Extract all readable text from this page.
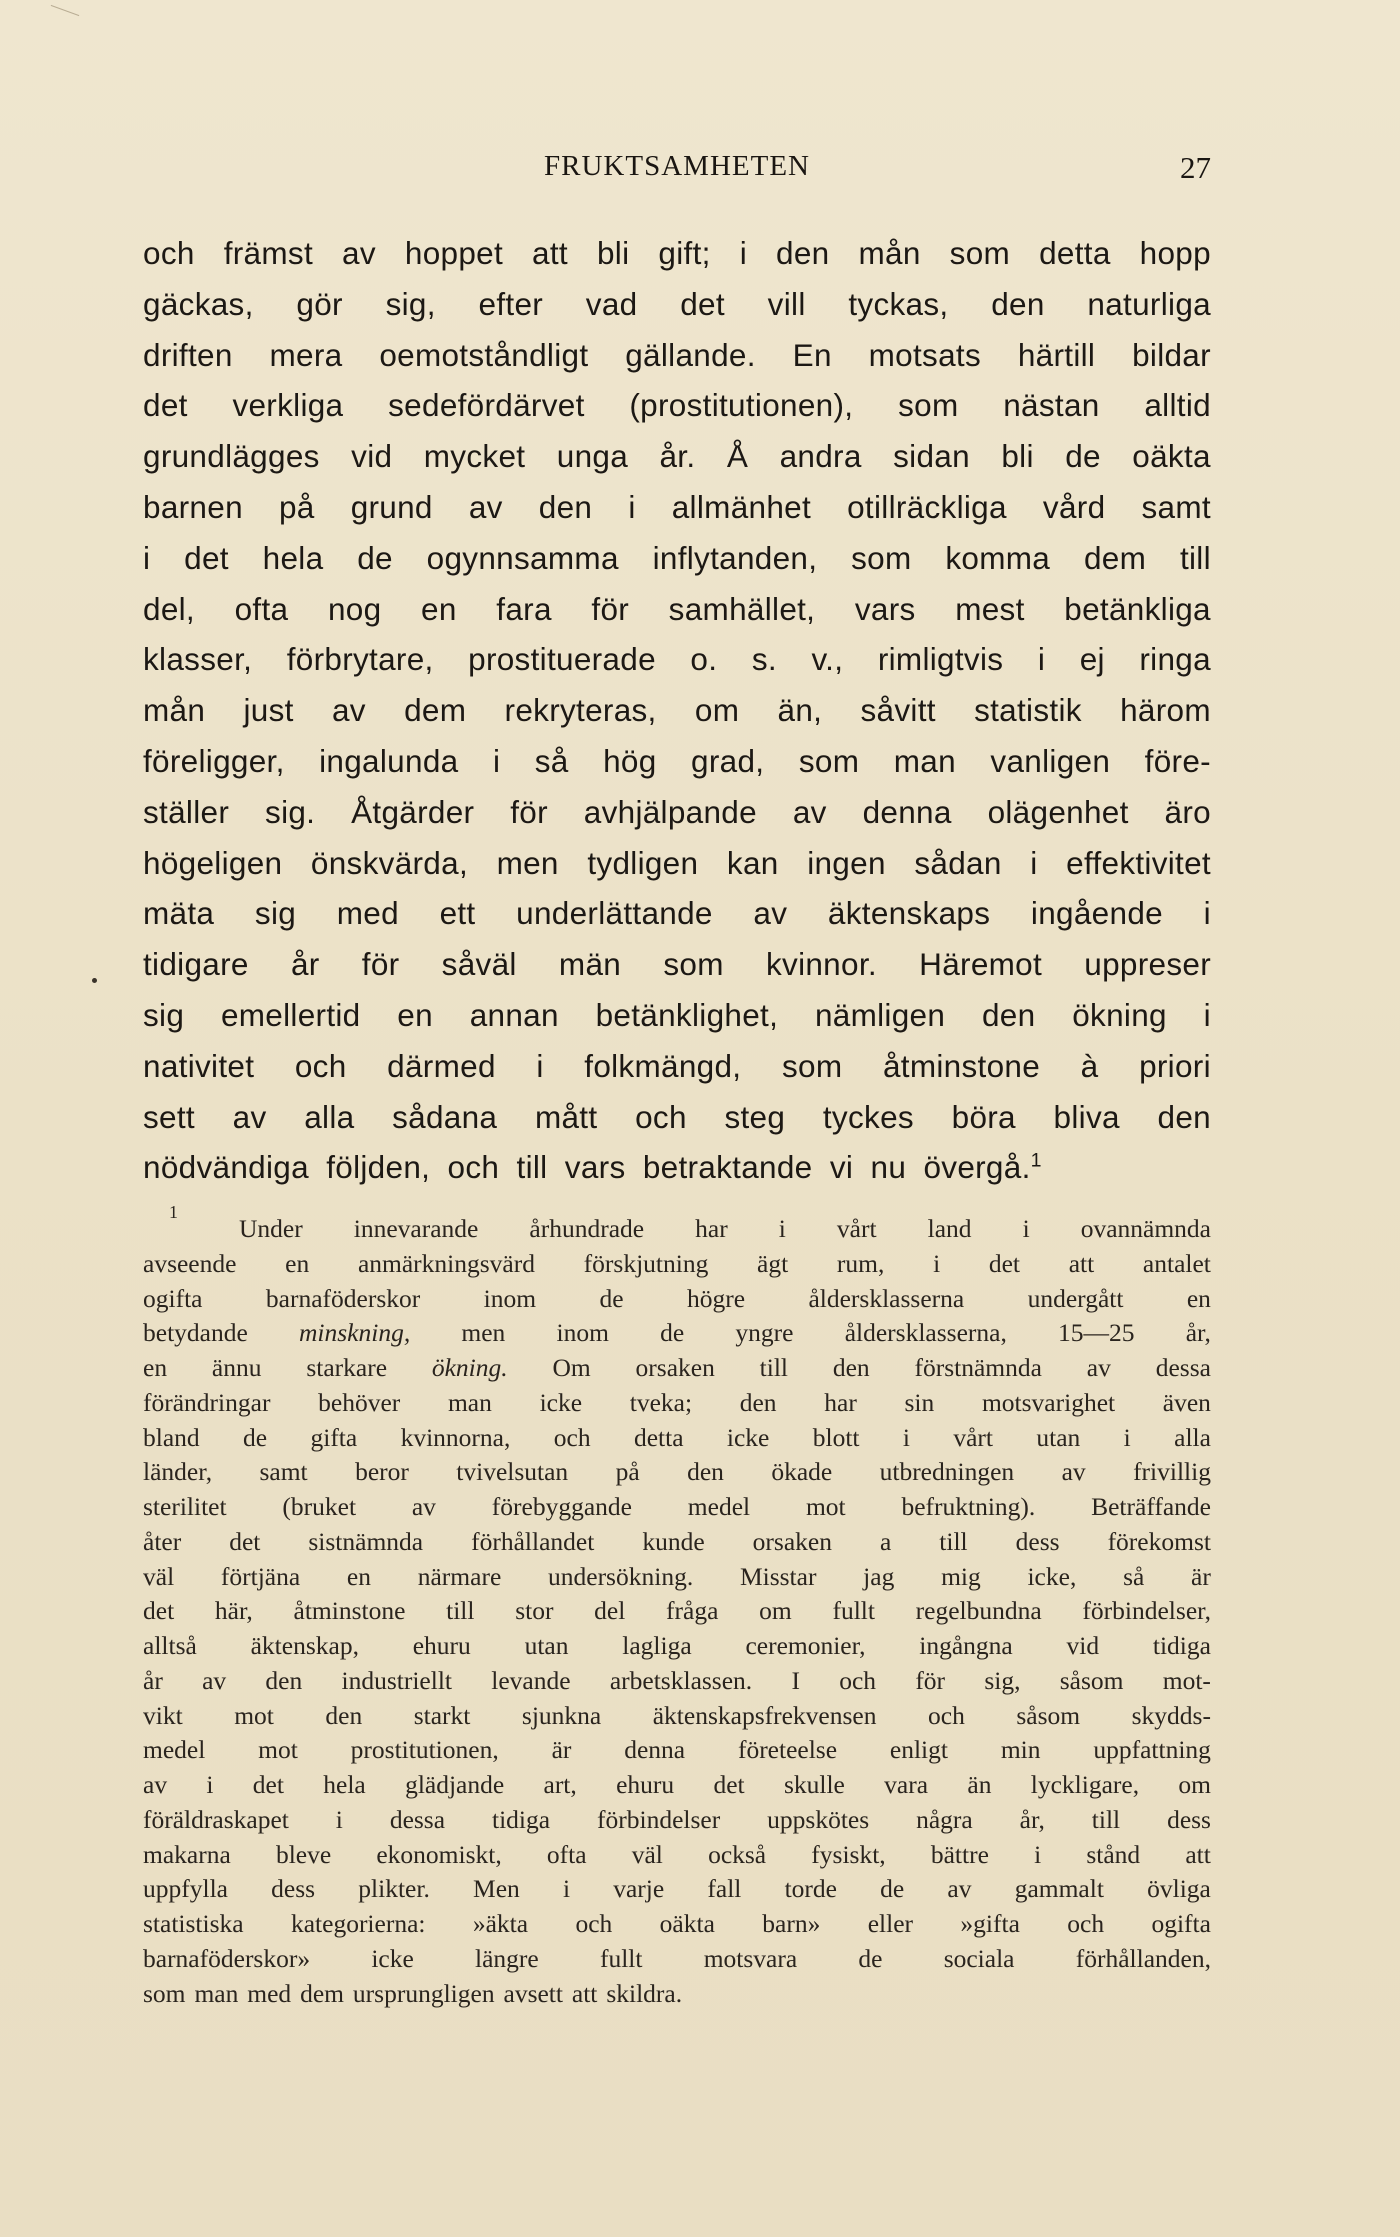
FRUKTSAMHETEN	27
och främst av hoppet att bli gift; i den mån som detta hopp
gäckas, gör sig, efter vad det vill tyckas, den naturliga
driften mera oemotståndligt gällande. En motsats härtill bildar
det verkliga sedefördärvet (prostitutionen), som nästan alltid
grundlägges vid mycket unga år. Å andra sidan bli de oäkta
barnen på grund av den i allmänhet otillräckliga vård samt
i det hela de ogynnsamma inflytanden, som komma dem till
del, ofta nog en fara för samhället, vars mest betänkliga
klasser, förbrytare, prostituerade o. s. v., rimligtvis i ej ringa
mån just av dem rekryteras, om än, såvitt statistik härom
föreligger, ingalunda i så hög grad, som man vanligen före-
ställer sig. Åtgärder för avhjälpande av denna olägenhet äro
högeligen önskvärda, men tydligen kan ingen sådan i effektivitet
mäta sig med ett underlättande av äktenskaps ingående i
tidigare år för såväl män som kvinnor. Häremot uppreser
sig emellertid en annan betänklighet, nämligen den ökning i
nativitet och därmed i folkmängd, som åtminstone à priori
sett av alla sådana mått och steg tyckes böra bliva den
nödvändiga följden, och till vars betraktande vi nu övergå.$^1$
1
Under innevarande århundrade har i vårt land i ovannämnda
avseende en anmärkningsvärd förskjutning ägt rum, i det att antalet
ogifta barnaföderskor inom de högre åldersklasserna undergått en
betydande minskning, men inom de yngre åldersklasserna, 15—25 år,
en ännu starkare ökning. Om orsaken till den förstnämnda av dessa
förändringar behöver man icke tveka; den har sin motsvarighet även
bland de gifta kvinnorna, och detta icke blott i vårt utan i alla
länder, samt beror tvivelsutan på den ökade utbredningen av frivillig
sterilitet (bruket av förebyggande medel mot befruktning). Beträffande
åter det sistnämnda förhållandet kunde orsaken a till dess förekomst
väl förtjäna en närmare undersökning. Misstar jag mig icke, så är
det här, åtminstone till stor del fråga om fullt regelbundna förbindelser,
alltså äktenskap, ehuru utan lagliga ceremonier, ingångna vid tidiga
år av den industriellt levande arbetsklassen. I och för sig, såsom mot-
vikt mot den starkt sjunkna äktenskapsfrekvensen och såsom skydds-
medel mot prostitutionen, är denna företeelse enligt min uppfattning
av i det hela glädjande art, ehuru det skulle vara än lyckligare, om
föräldraskapet i dessa tidiga förbindelser uppskötes några år, till dess
makarna bleve ekonomiskt, ofta väl också fysiskt, bättre i stånd att
uppfylla dess plikter. Men i varje fall torde de av gammalt övliga
statistiska kategorierna: »äkta och oäkta barn» eller »gifta och ogifta
barnaföderskor» icke längre fullt motsvara de sociala förhållanden,
som man med dem ursprungligen avsett att skildra.
